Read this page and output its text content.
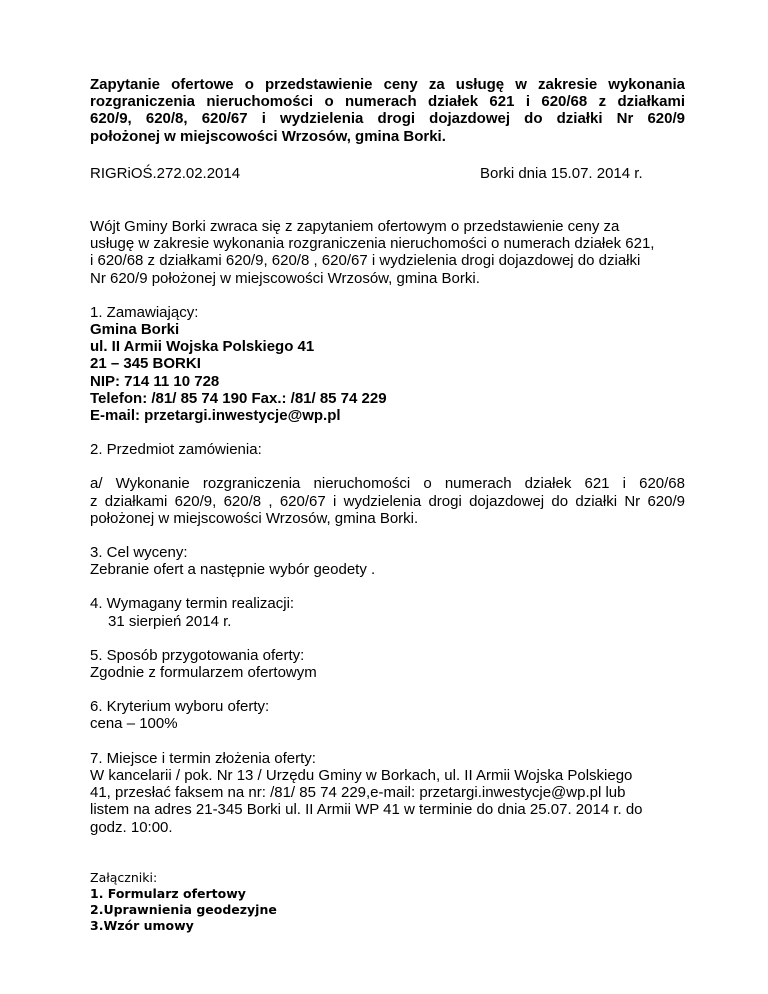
Zapytanie ofertowe o przedstawienie ceny za usługę w zakresie wykonania
rozgraniczenia nieruchomości o numerach działek 621 i 620/68 z działkami
620/9, 620/8, 620/67 i wydzielenia drogi dojazdowej do działki Nr 620/9
położonej w miejscowości Wrzosów, gmina Borki.
RIGRiOŚ.272.02.2014	Borki dnia 15.07. 2014 r.
Wójt Gminy Borki zwraca się z zapytaniem ofertowym o przedstawienie ceny za
usługę w zakresie wykonania rozgraniczenia nieruchomości o numerach działek 621,
i 620/68 z działkami 620/9, 620/8 , 620/67 i wydzielenia drogi dojazdowej do działki
Nr 620/9 położonej w miejscowości Wrzosów, gmina Borki.
1. Zamawiający:
Gmina Borki
ul. II Armii Wojska Polskiego 41
21 – 345 BORKI
NIP: 714 11 10 728
Telefon: /81/ 85 74 190 Fax.: /81/ 85 74 229
E-mail: przetargi.inwestycje@wp.pl
2. Przedmiot zamówienia:
a/ Wykonanie rozgraniczenia nieruchomości o numerach działek 621 i 620/68
z działkami 620/9, 620/8 , 620/67 i wydzielenia drogi dojazdowej do działki Nr 620/9
położonej w miejscowości Wrzosów, gmina Borki.
3. Cel wyceny:
Zebranie ofert a następnie wybór geodety .
4. Wymagany termin realizacji:
31 sierpień 2014 r.
5. Sposób przygotowania oferty:
Zgodnie z formularzem ofertowym
6. Kryterium wyboru oferty:
cena – 100%
7. Miejsce i termin złożenia oferty:
W kancelarii / pok. Nr 13 / Urzędu Gminy w Borkach, ul. II Armii Wojska Polskiego
41, przesłać faksem na nr: /81/ 85 74 229,e-mail: przetargi.inwestycje@wp.pl lub
listem na adres 21-345 Borki ul. II Armii WP 41 w terminie do dnia 25.07. 2014 r. do
godz. 10:00.
Załączniki:
1. Formularz ofertowy
2.Uprawnienia geodezyjne
3.Wzór umowy
